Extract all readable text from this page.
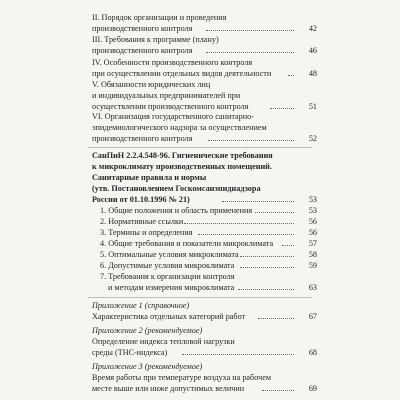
II. Порядок организации и проведения
производственного контроля	42
III. Требования к программе (плану)
производственного контроля	46
IV. Особенности производственного контроля
при осуществлении отдельных видов деятельности	48
V. Обязанности юридических лиц
и индивидуальных предпринимателей при
осуществлении производственного контроля	51
VI. Организация государственного санитарно-
эпидемиологического надзора за осуществлением
производственного контроля	52
СанПиН 2.2.4.548-96. Гигиенические требования
к микроклимату производственных помещений.
Санитарные правила и нормы
(утв. Постановлением Госкомсанэпиднадзора
России от 01.10.1996 № 21)	53
1. Общие положения и область применения	53
2. Нормативные ссылки	56
3. Термины и определения	56
4. Общие требования и показатели микроклимата	57
5. Оптимальные условия микроклимата	58
6. Допустимые условия микроклимата	59
7. Требования к организации контроля
и методам измерения микроклимата	63
Приложение 1 (справочное)
Характеристика отдельных категорий работ	67
Приложение 2 (рекомендуемое)
Определение индекса тепловой нагрузки
среды (ТНС-индекса)	68
Приложение 3 (рекомендуемое)
Время работы при температуре воздуха на рабочем
месте выше или ниже допустимых величин	69
